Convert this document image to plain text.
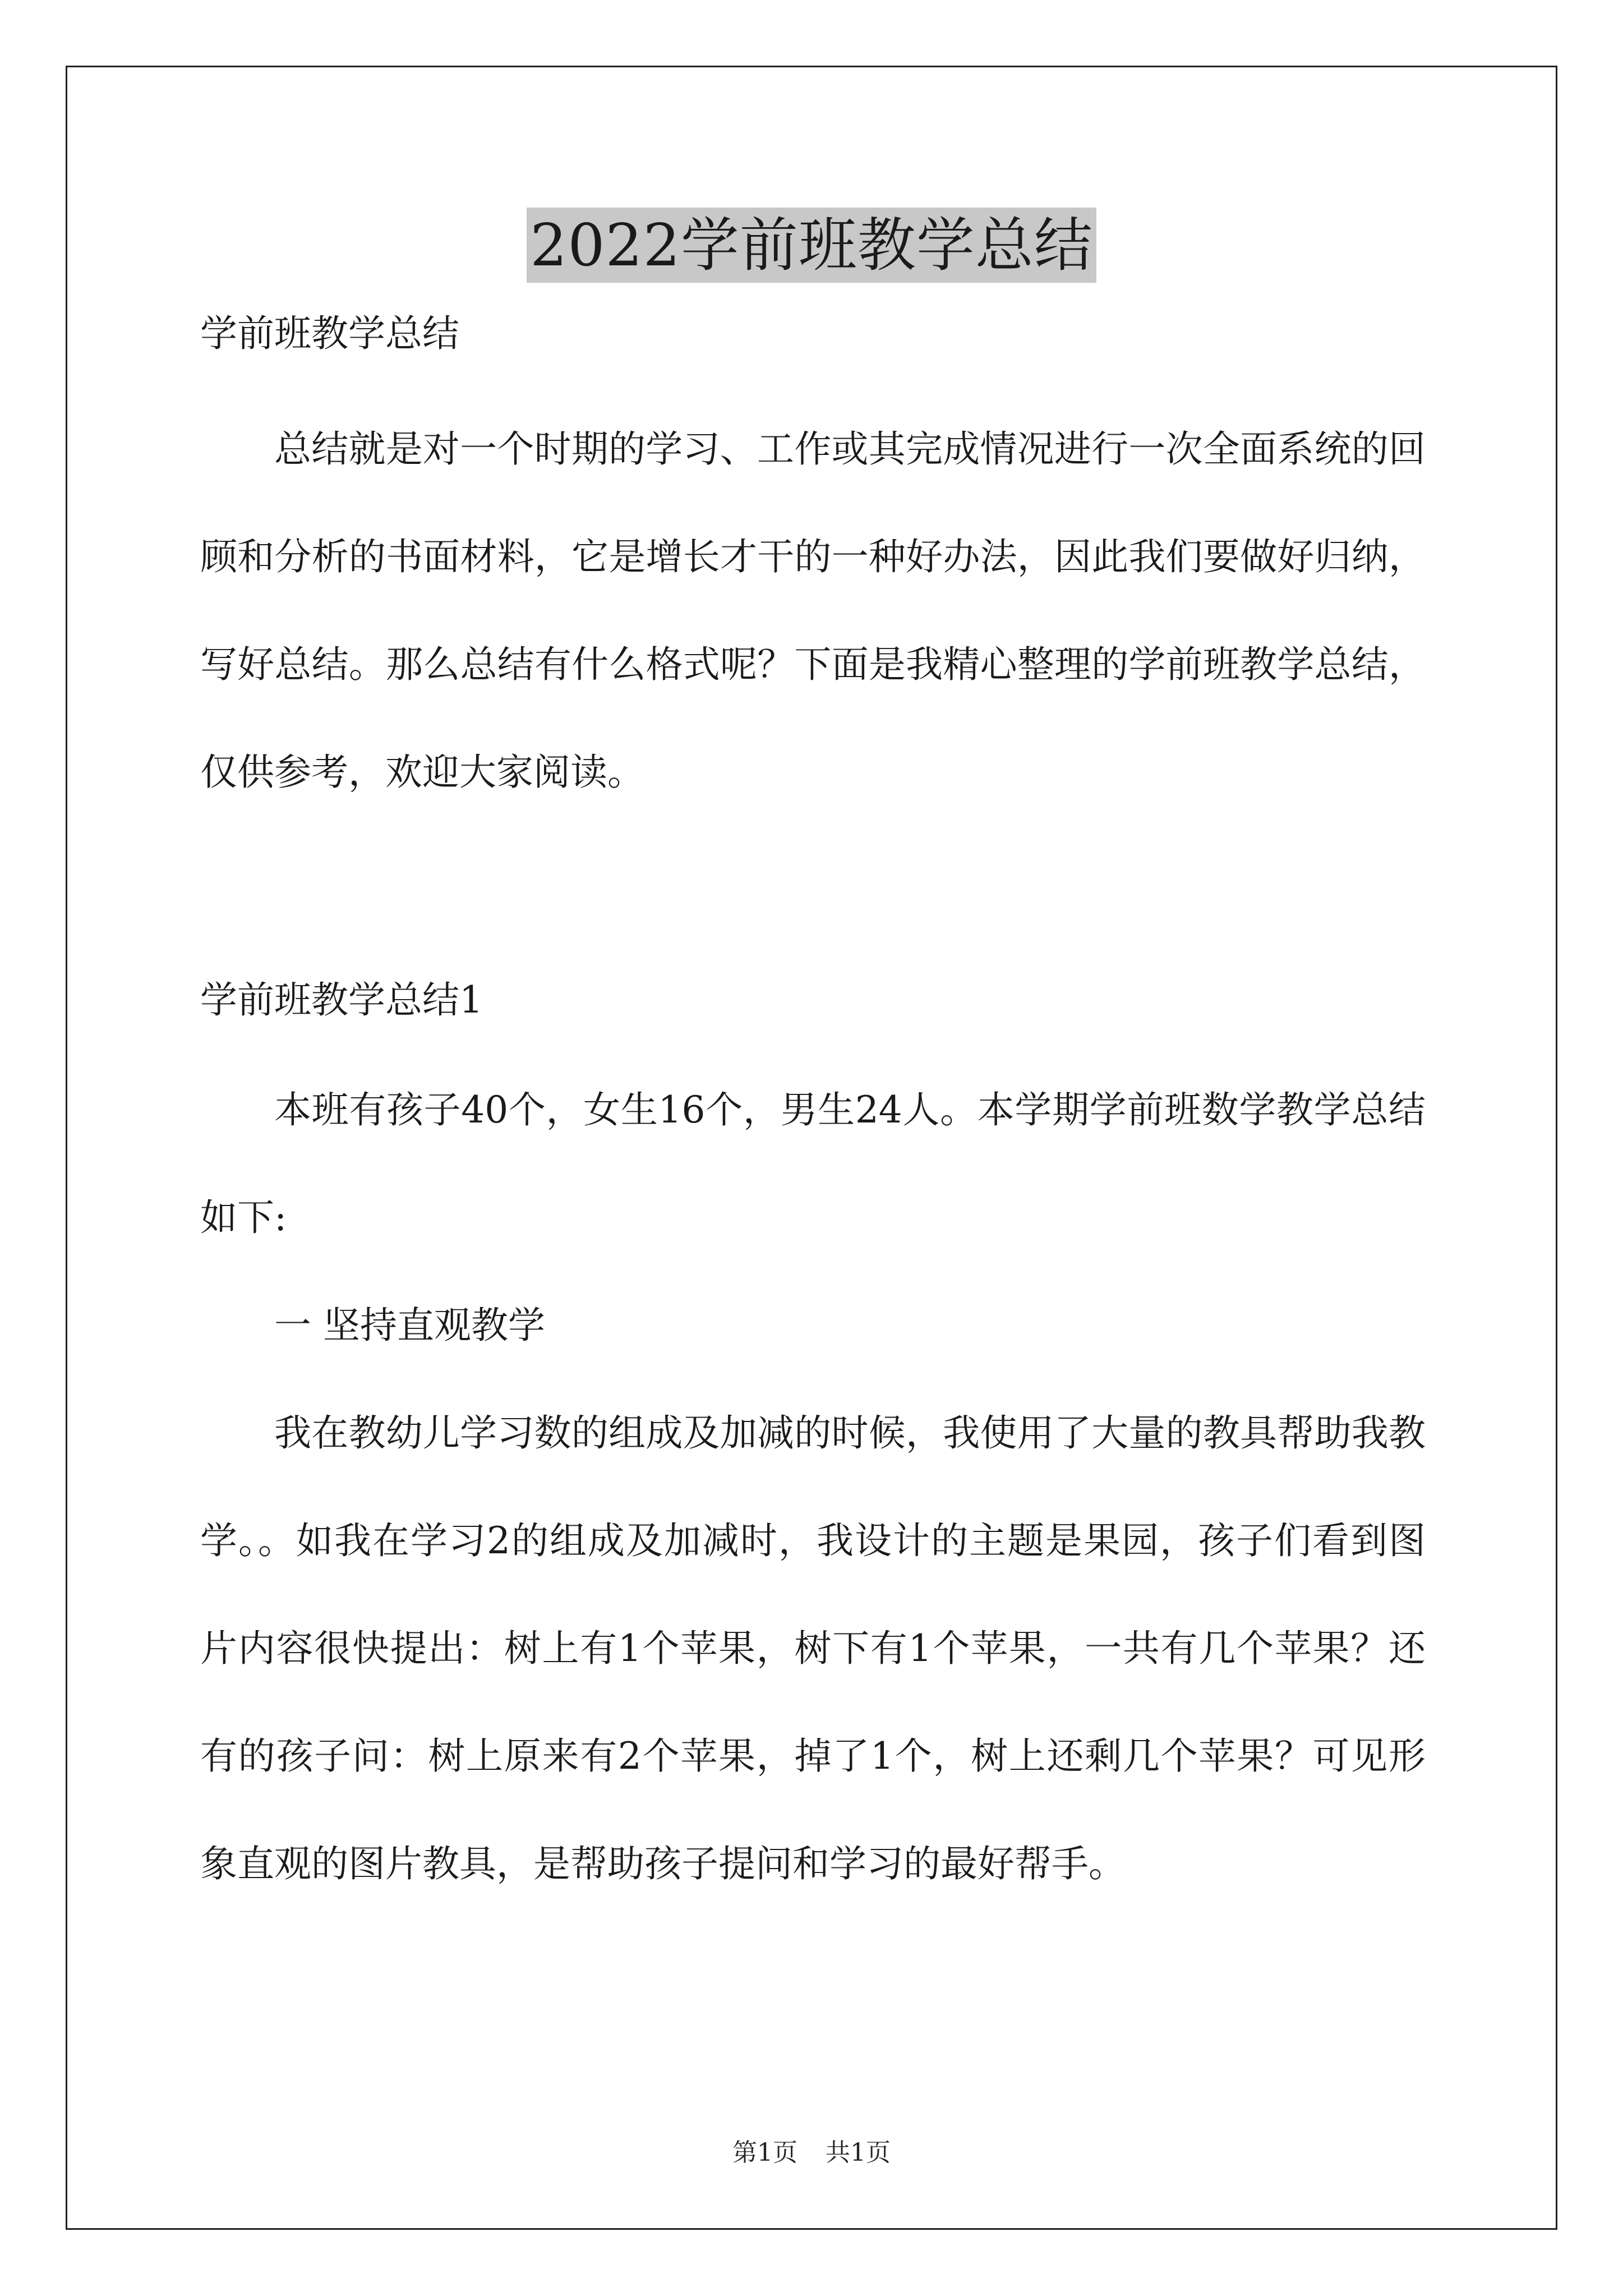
2022学前班教学总结

学前班教学总结

总结就是对一个时期的学习、工作或其完成情况进行一次全面系统的回顾和分析的书面材料，它是增长才干的一种好办法，因此我们要做好归纳，写好总结。那么总结有什么格式呢？下面是我精心整理的学前班教学总结，仅供参考，欢迎大家阅读。

学前班教学总结1

本班有孩子40个，女生16个，男生24人。本学期学前班数学教学总结如下:

一 坚持直观教学

我在教幼儿学习数的组成及加减的时候，我使用了大量的教具帮助我教学。。如我在学习2的组成及加减时，我设计的主题是果园，孩子们看到图片内容很快提出：树上有1个苹果，树下有1个苹果，一共有几个苹果？还有的孩子问：树上原来有2个苹果，掉了1个，树上还剩几个苹果？可见形象直观的图片教具，是帮助孩子提问和学习的最好帮手。

第1页 共1页
